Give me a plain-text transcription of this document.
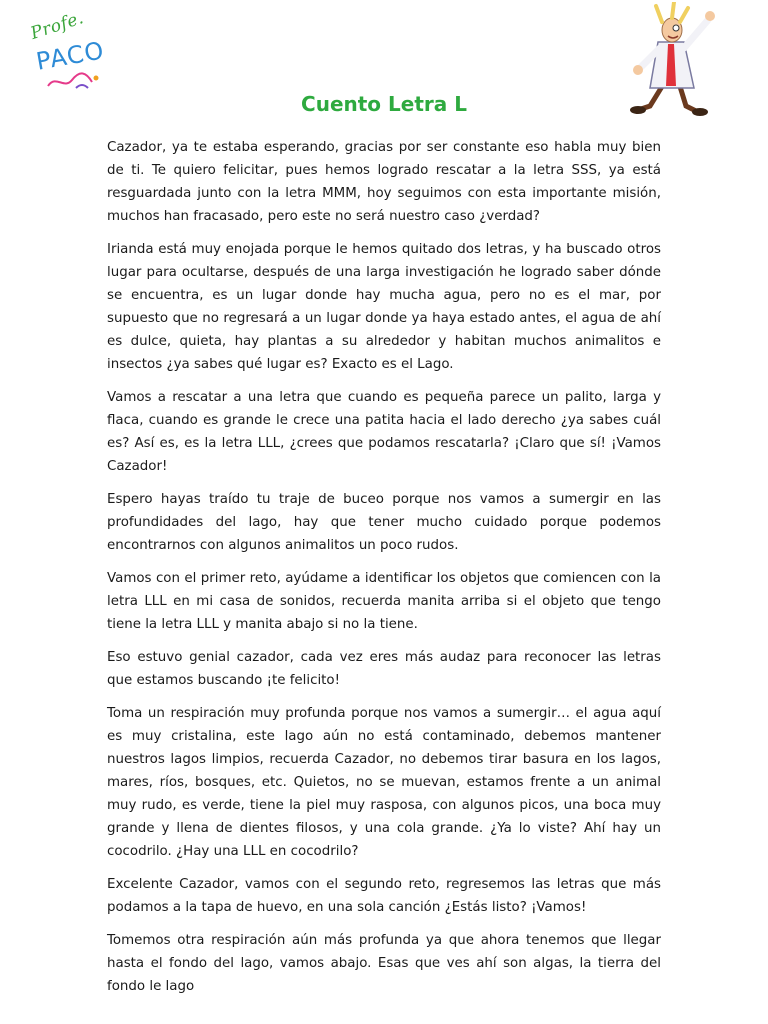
Profe.
PACO
Cuento Letra L

Cazador, ya te estaba esperando, gracias por ser constante eso habla muy bien de ti. Te quiero felicitar, pues hemos logrado rescatar a la letra SSS, ya está resguardada junto con la letra MMM, hoy seguimos con esta importante misión, muchos han fracasado, pero este no será nuestro caso ¿verdad?

Irianda está muy enojada porque le hemos quitado dos letras, y ha buscado otros lugar para ocultarse, después de una larga investigación he logrado saber dónde se encuentra, es un lugar donde hay mucha agua, pero no es el mar, por supuesto que no regresará a un lugar donde ya haya estado antes, el agua de ahí es dulce, quieta, hay plantas a su alrededor y habitan muchos animalitos e insectos ¿ya sabes qué lugar es? Exacto es el Lago.

Vamos a rescatar a una letra que cuando es pequeña parece un palito, larga y flaca, cuando es grande le crece una patita hacia el lado derecho ¿ya sabes cuál es? Así es, es la letra LLL, ¿crees que podamos rescatarla? ¡Claro que sí! ¡Vamos Cazador!

Espero hayas traído tu traje de buceo porque nos vamos a sumergir en las profundidades del lago, hay que tener mucho cuidado porque podemos encontrarnos con algunos animalitos un poco rudos.

Vamos con el primer reto, ayúdame a identificar los objetos que comiencen con la letra LLL en mi casa de sonidos, recuerda manita arriba si el objeto que tengo tiene la letra LLL y manita abajo si no la tiene.

Eso estuvo genial cazador, cada vez eres más audaz para reconocer las letras que estamos buscando ¡te felicito!

Toma un respiración muy profunda porque nos vamos a sumergir… el agua aquí es muy cristalina, este lago aún no está contaminado, debemos mantener nuestros lagos limpios, recuerda Cazador, no debemos tirar basura en los lagos, mares, ríos, bosques, etc. Quietos, no se muevan, estamos frente a un animal muy rudo, es verde, tiene la piel muy rasposa, con algunos picos, una boca muy grande y llena de dientes filosos, y una cola grande. ¿Ya lo viste? Ahí hay un cocodrilo. ¿Hay una LLL en cocodrilo?

Excelente Cazador, vamos con el segundo reto, regresemos las letras que más podamos a la tapa de huevo, en una sola canción ¿Estás listo? ¡Vamos!

Tomemos otra respiración aún más profunda ya que ahora tenemos que llegar hasta el fondo del lago, vamos abajo. Esas que ves ahí son algas, la tierra del fondo le lago
